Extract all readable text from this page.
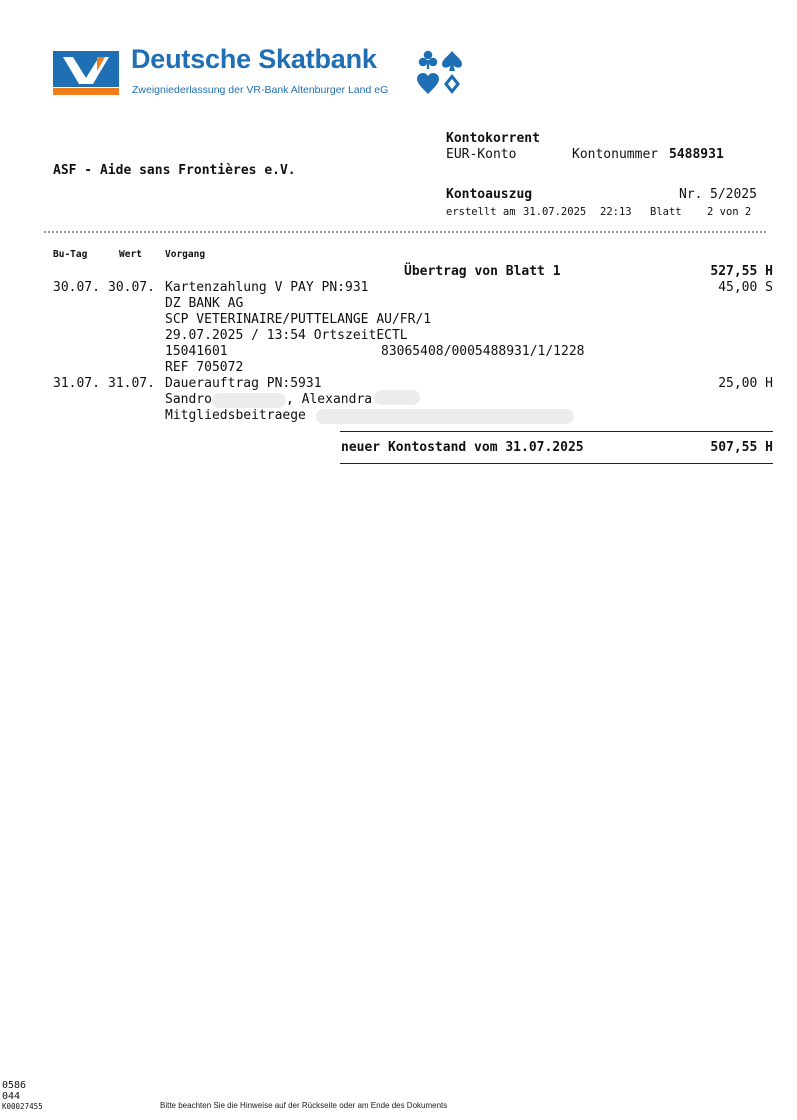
Deutsche Skatbank
Zweigniederlassung der VR-Bank Altenburger Land eG
Kontokorrent
EUR-Konto	Kontonummer 5488931
ASF - Aide sans Frontières e.V.
Kontoauszug	Nr. 5/2025
erstellt am 31.07.2025 22:13 Blatt 2 von 2
Bu-Tag	Wert Vorgang
Übertrag von Blatt 1	527,55 H
30.07. 30.07. Kartenzahlung V PAY PN:931	45,00 S
DZ BANK AG
SCP VETERINAIRE/PUTTELANGE AU/FR/1
29.07.2025 / 13:54 OrtszeitECTL
15041601	83065408/0005488931/1/1228
REF 705072
31.07. 31.07. Dauerauftrag PN:5931	25,00 H
Sandro	, Alexandra
Mitgliedsbeitraege
neuer Kontostand vom 31.07.2025	507,55 H
0586
044
K00027455	Bitte beachten Sie die Hinweise auf der Rückseite oder am Ende des Dokuments
